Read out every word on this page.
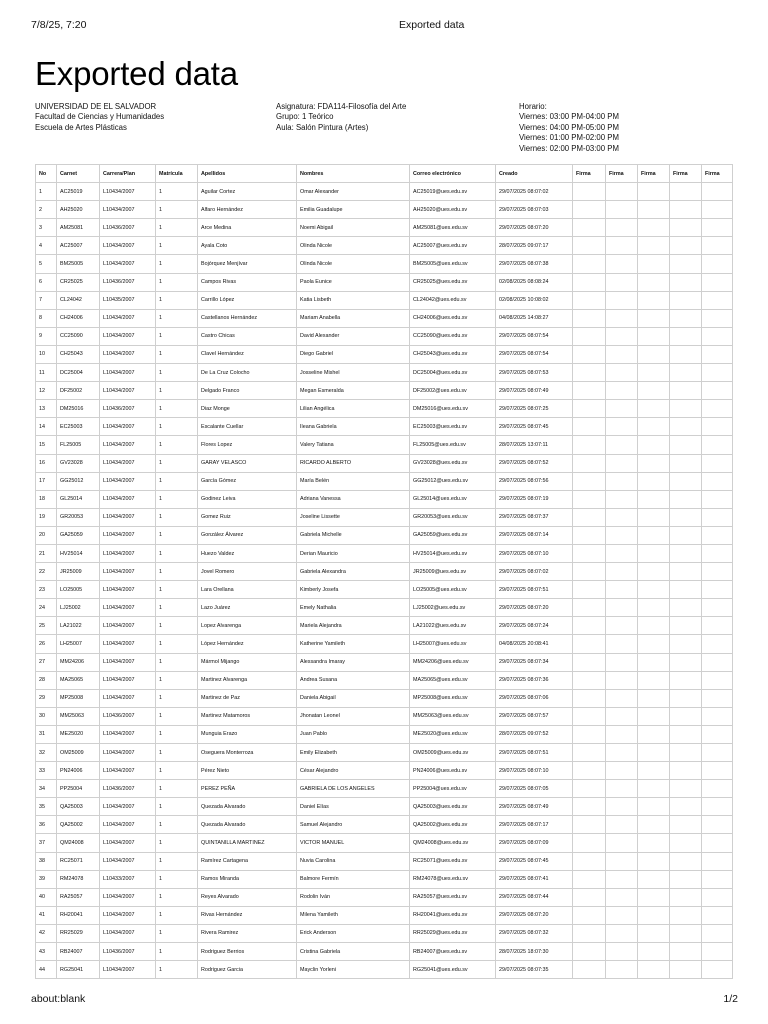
7/8/25, 7:20	Exported data
Exported data
UNIVERSIDAD DE EL SALVADOR
Facultad de Ciencias y Humanidades
Escuela de Artes Plásticas
Asignatura: FDA114-Filosofía del Arte
Grupo: 1 Teórico
Aula: Salón Pintura (Artes)
Horario:
Viernes: 03:00 PM-04:00 PM
Viernes: 04:00 PM-05:00 PM
Viernes: 01:00 PM-02:00 PM
Viernes: 02:00 PM-03:00 PM
No	Carnet	Carrera/Plan	Matrícula	Apellidos	Nombres	Correo electrónico	Creado	Firma	Firma	Firma	Firma	Firma
1	AC25019	L10434/2007	1	Aguilar Cortez	Omar Alexander	AC25019@ues.edu.sv	29/07/2025 08:07:02					
2	AH25020	L10434/2007	1	Alfaro Hernández	Emilia Guadalupe	AH25020@ues.edu.sv	29/07/2025 08:07:03					
3	AM25081	L10436/2007	1	Arce Medina	Noemi Abigail	AM25081@ues.edu.sv	29/07/2025 08:07:20					
4	AC25007	L10434/2007	1	Ayala Coto	Olinda Nicole	AC25007@ues.edu.sv	28/07/2025 09:07:17					
5	BM25005	L10434/2007	1	Bojórquez Menjívar	Olinda Nicole	BM25005@ues.edu.sv	29/07/2025 08:07:38					
6	CR25025	L10436/2007	1	Campos Rivas	Paola Eunice	CR25025@ues.edu.sv	02/08/2025 08:08:24					
7	CL24042	L10435/2007	1	Carrillo López	Katia Lisbeth	CL24042@ues.edu.sv	02/08/2025 10:08:02					
8	CH24006	L10434/2007	1	Castellanos Hernández	Mariam Anabella	CH24006@ues.edu.sv	04/08/2025 14:08:27					
9	CC25090	L10434/2007	1	Castro Chicas	David Alexander	CC25090@ues.edu.sv	29/07/2025 08:07:54					
10	CH25043	L10434/2007	1	Clavel Hernández	Diego Gabriel	CH25043@ues.edu.sv	29/07/2025 08:07:54					
11	DC25004	L10434/2007	1	De La Cruz Colocho	Josseline Mishel	DC25004@ues.edu.sv	29/07/2025 08:07:53					
12	DF25002	L10434/2007	1	Delgado Franco	Megan Esmeralda	DF25002@ues.edu.sv	29/07/2025 08:07:49					
13	DM25016	L10436/2007	1	Diaz Monge	Lilian Angélica	DM25016@ues.edu.sv	29/07/2025 08:07:25					
14	EC25003	L10434/2007	1	Escalante Cuellar	Ileana Gabriela	EC25003@ues.edu.sv	29/07/2025 08:07:45					
15	FL25005	L10434/2007	1	Flores Lopez	Valery Tatiana	FL25005@ues.edu.sv	28/07/2025 13:07:11					
16	GV23028	L10434/2007	1	GARAY VELASCO	RICARDO ALBERTO	GV23028@ues.edu.sv	29/07/2025 08:07:52					
17	GG25012	L10434/2007	1	García Gómez	María Belén	GG25012@ues.edu.sv	29/07/2025 08:07:56					
18	GL25014	L10434/2007	1	Godinez Leiva	Adriana Vanessa	GL25014@ues.edu.sv	29/07/2025 08:07:19					
19	GR20053	L10434/2007	1	Gomez Ruiz	Joseline Lissette	GR20053@ues.edu.sv	29/07/2025 08:07:37					
20	GA25059	L10434/2007	1	González Álvarez	Gabriela Michelle	GA25059@ues.edu.sv	29/07/2025 08:07:14					
21	HV25014	L10434/2007	1	Huezo Valdez	Derian Mauricio	HV25014@ues.edu.sv	29/07/2025 08:07:10					
22	JR25009	L10434/2007	1	Jovel Romero	Gabriela Alexandra	JR25009@ues.edu.sv	29/07/2025 08:07:02					
23	LO25005	L10434/2007	1	Lara Orellana	Kimberly Josefa	LO25005@ues.edu.sv	29/07/2025 08:07:51					
24	LJ25002	L10434/2007	1	Lazo Juárez	Emely Nathalia	LJ25002@ues.edu.sv	29/07/2025 08:07:20					
25	LA21022	L10434/2007	1	Lopez Alvarenga	Mariela Alejandra	LA21022@ues.edu.sv	29/07/2025 08:07:24					
26	LH25007	L10434/2007	1	López Hernández	Katherine Yamileth	LH25007@ues.edu.sv	04/08/2025 20:08:41					
27	MM24206	L10434/2007	1	Mármol Mijango	Alessandra Imaray	MM24206@ues.edu.sv	29/07/2025 08:07:34					
28	MA25065	L10434/2007	1	Martinez Alvarenga	Andrea Susana	MA25065@ues.edu.sv	29/07/2025 08:07:36					
29	MP25008	L10434/2007	1	Martinez de Paz	Daniela Abigail	MP25008@ues.edu.sv	29/07/2025 08:07:06					
30	MM25063	L10436/2007	1	Martinez Matamoros	Jhonatan Leonel	MM25063@ues.edu.sv	29/07/2025 08:07:57					
31	ME25020	L10434/2007	1	Munguia Erazo	Juan Pablo	ME25020@ues.edu.sv	28/07/2025 09:07:52					
32	OM25009	L10434/2007	1	Oseguera Monterroza	Emily Elizabeth	OM25009@ues.edu.sv	29/07/2025 08:07:51					
33	PN24006	L10434/2007	1	Pérez Nieto	César Alejandro	PN24006@ues.edu.sv	29/07/2025 08:07:10					
34	PP25004	L10436/2007	1	PEREZ PEÑA	GABRIELA DE LOS ANGELES	PP25004@ues.edu.sv	29/07/2025 08:07:05					
35	QA25003	L10434/2007	1	Quezada Alvarado	Daniel Elías	QA25003@ues.edu.sv	29/07/2025 08:07:49					
36	QA25002	L10434/2007	1	Quezada Alvarado	Samuel Alejandro	QA25002@ues.edu.sv	29/07/2025 08:07:17					
37	QM24008	L10434/2007	1	QUINTANILLA MARTINEZ	VICTOR MANUEL	QM24008@ues.edu.sv	29/07/2025 08:07:09					
38	RC25071	L10434/2007	1	Ramírez Cartagena	Nuvia Carolina	RC25071@ues.edu.sv	29/07/2025 08:07:45					
39	RM24078	L10433/2007	1	Ramos Miranda	Balmore Fermín	RM24078@ues.edu.sv	29/07/2025 08:07:41					
40	RA25057	L10434/2007	1	Reyes Alvarado	Rodolin Iván	RA25057@ues.edu.sv	29/07/2025 08:07:44					
41	RH20041	L10434/2007	1	Rivas Hernández	Milena Yamileth	RH20041@ues.edu.sv	29/07/2025 08:07:20					
42	RR25029	L10434/2007	1	Rivera Ramirez	Erick Anderson	RR25029@ues.edu.sv	29/07/2025 08:07:32					
43	RB24007	L10436/2007	1	Rodriguez Berrios	Cristina Gabriela	RB24007@ues.edu.sv	28/07/2025 18:07:30					
44	RG25041	L10434/2007	1	Rodriguez Garcia	Mayclin Yorleni	RG25041@ues.edu.sv	29/07/2025 08:07:35					
about:blank	1/2
